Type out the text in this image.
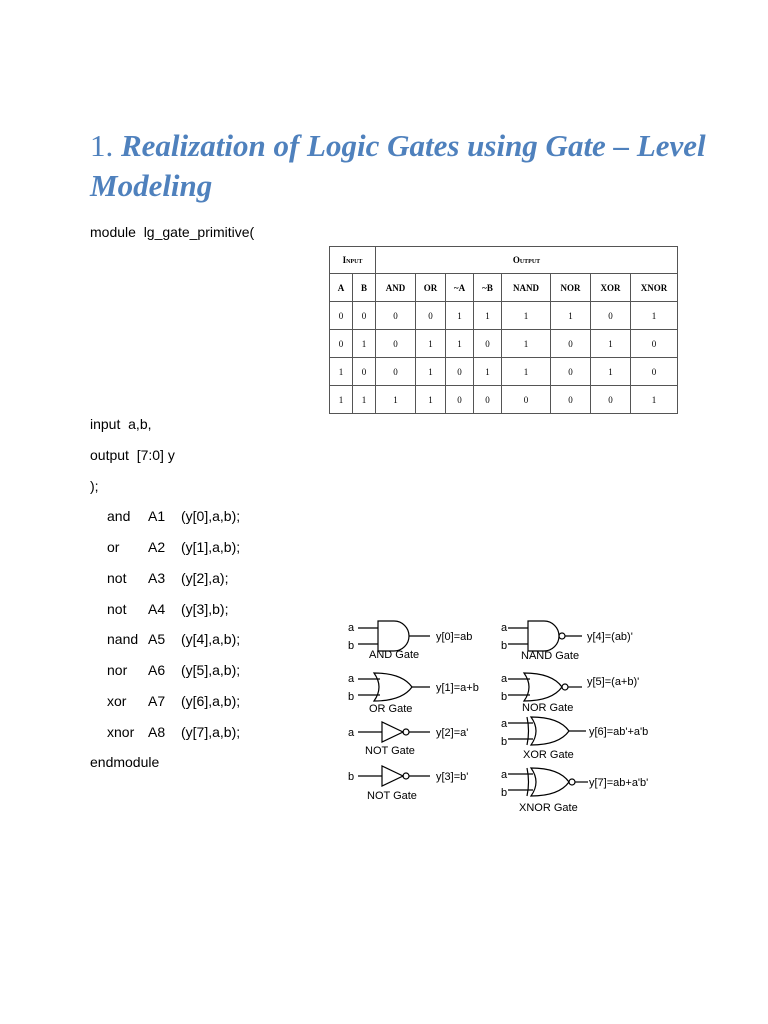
1. Realization of Logic Gates using Gate – Level Modeling
module  lg_gate_primitive(
Input		Output							
A	B	AND	OR	~A	~B	NAND	NOR	XOR	XNOR
0	0	0	0	1	1	1	1	0	1
0	1	0	1	1	0	1	0	1	0
1	0	0	1	0	1	1	0	1	0
1	1	1	1	0	0	0	0	0	1
input  a,b,
output  [7:0] y
);
and A1 (y[0],a,b);
or A2 (y[1],a,b);
not A3 (y[2],a);
not A4 (y[3],b);
nand A5 (y[4],a,b);
nor A6 (y[5],a,b);
xor A7 (y[6],a,b);
xnor A8 (y[7],a,b);
endmodule
a
b
y[0]=ab
AND Gate
a
b
y[1]=a+b
OR Gate
a	y[2]=a'
NOT Gate
b	y[3]=b'
NOT Gate
a
b
y[4]=(ab)'
NAND Gate
a
b
y[5]=(a+b)'
NOR Gate
a
b
y[6]=ab'+a'b
XOR Gate
a
b
y[7]=ab+a'b'
XNOR Gate
